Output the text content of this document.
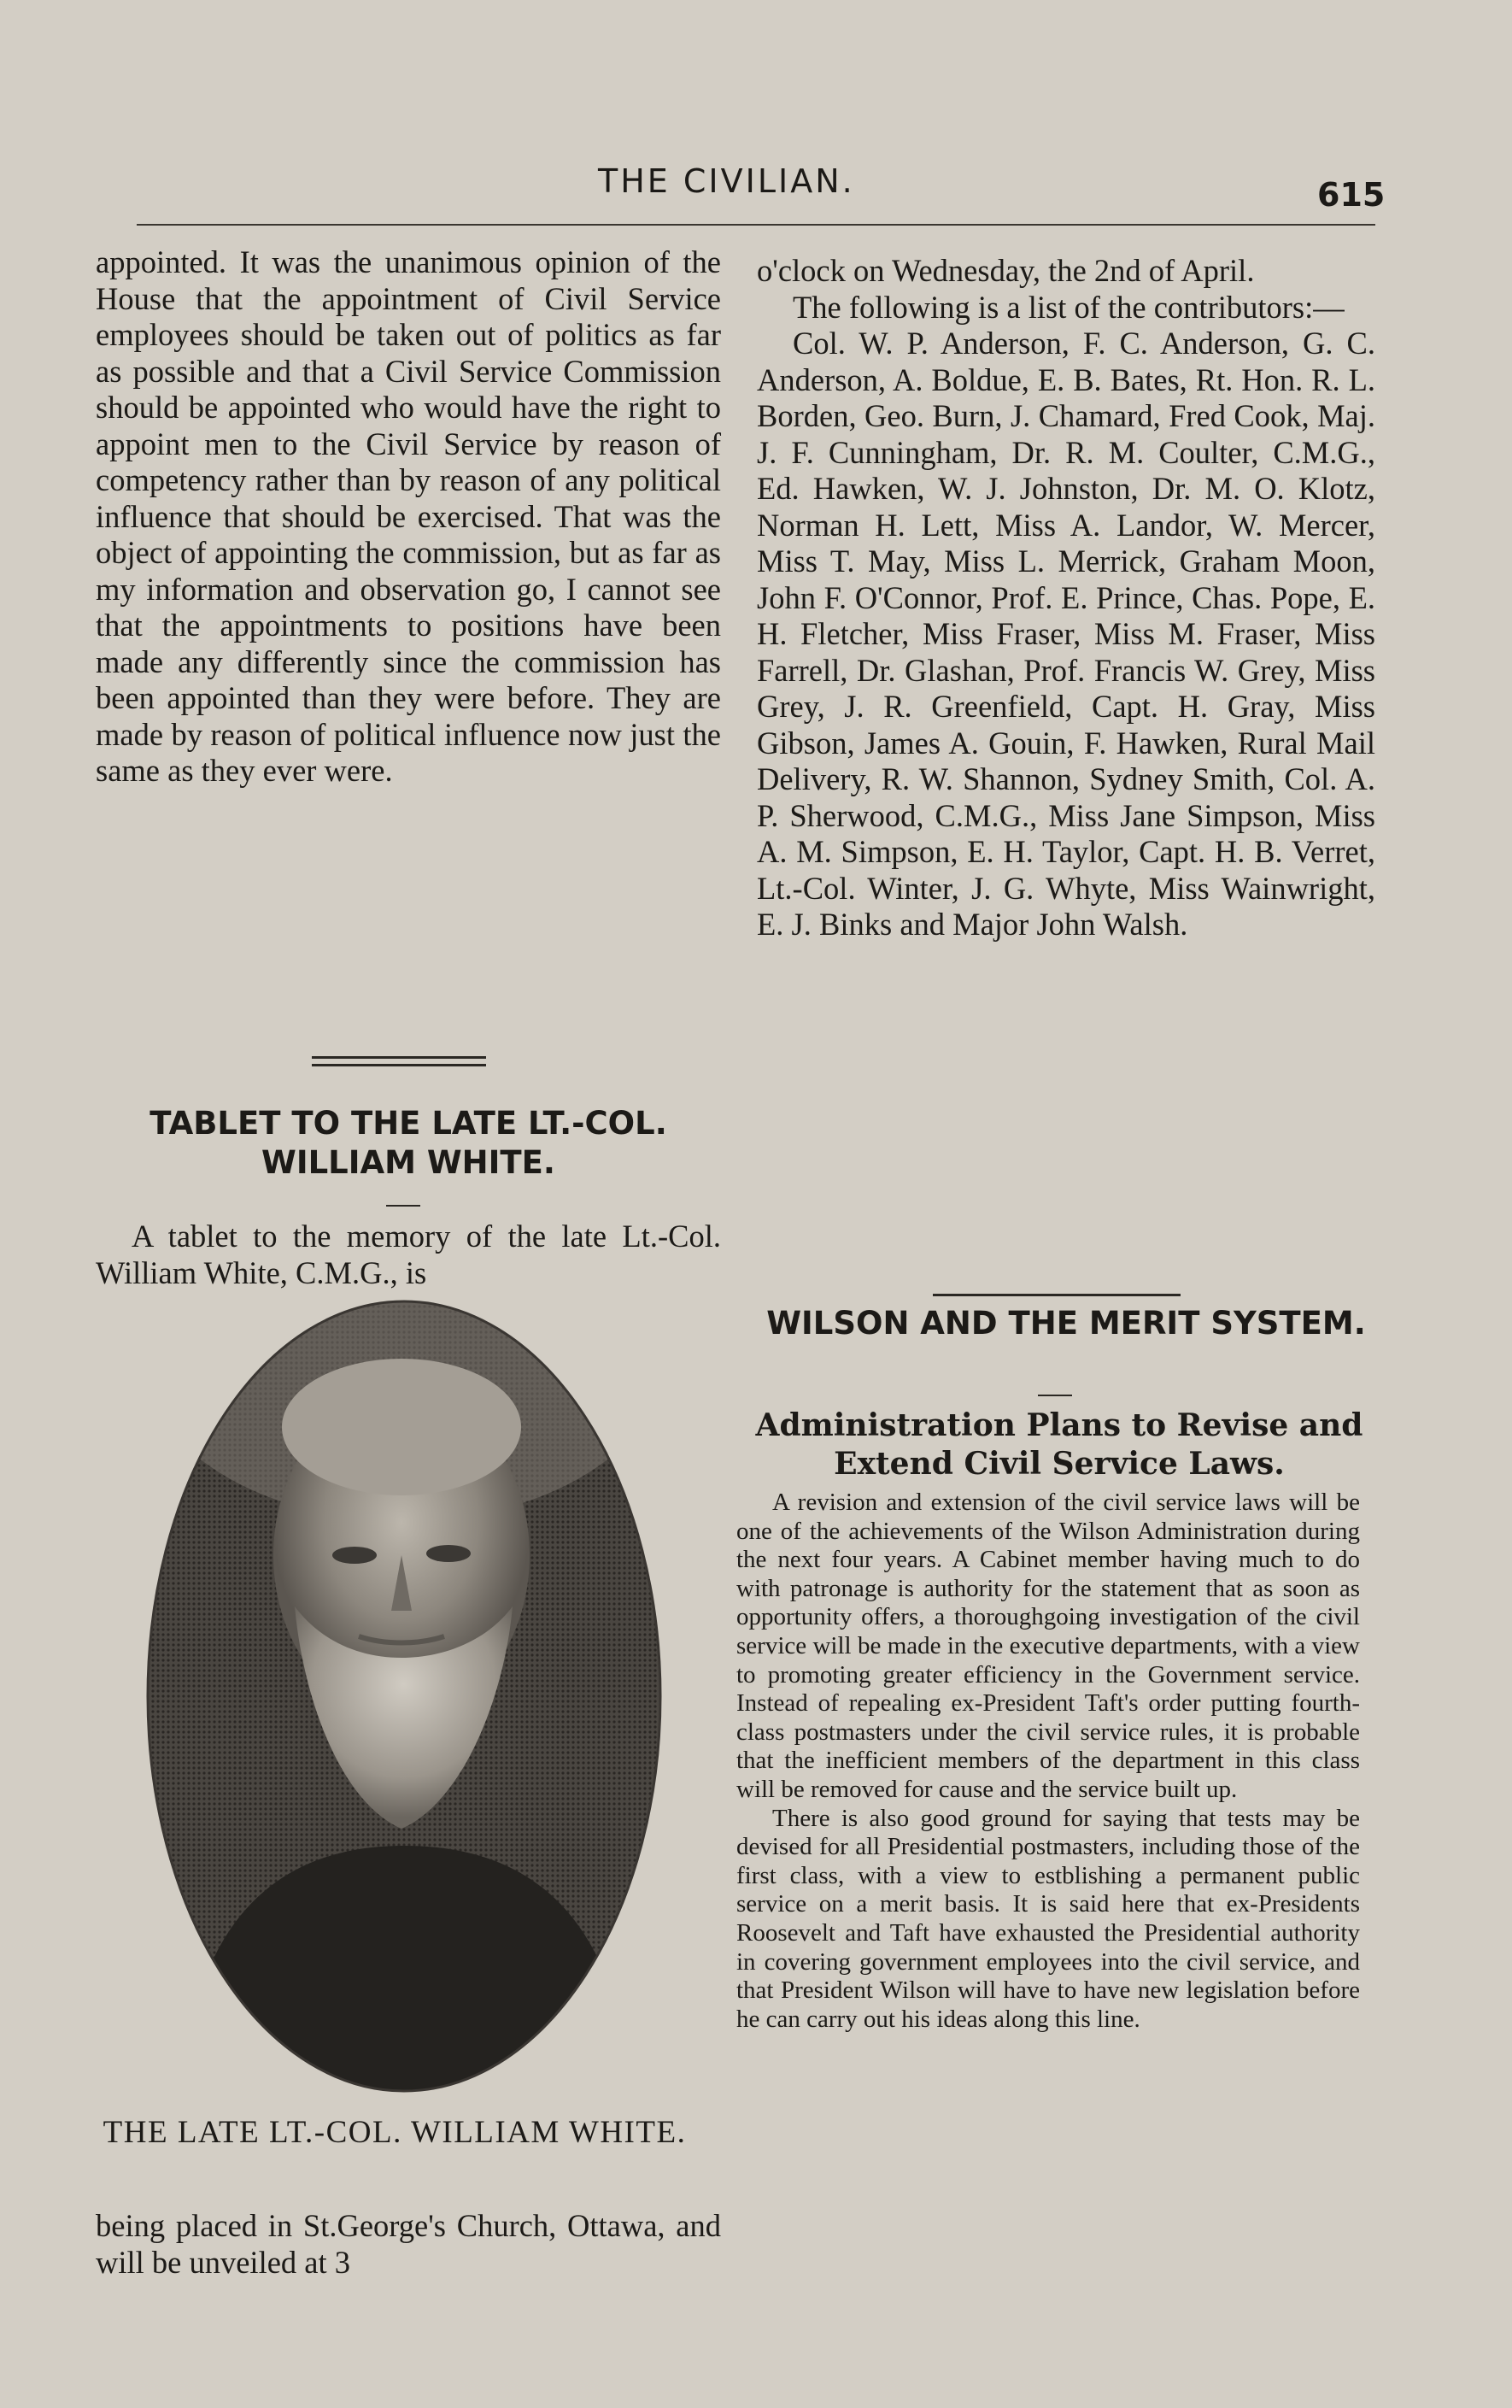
THE CIVILIAN.	615

appointed. It was the unanimous opinion of the House that the appointment of Civil Service employees should be taken out of politics as far as possible and that a Civil Service Commission should be appointed who would have the right to appoint men to the Civil Service by reason of competency rather than by reason of any political influence that should be exercised. That was the object of appointing the commission, but as far as my information and observation go, I cannot see that the appointments to positions have been made any differently since the commission has been appointed than they were before. They are made by reason of political influence now just the same as they ever were.

TABLET TO THE LATE LT.-COL. WILLIAM WHITE.

A tablet to the memory of the late Lt.-Col. William White, C.M.G., is

THE LATE LT.-COL. WILLIAM WHITE.

being placed in St.George's Church, Ottawa, and will be unveiled at 3

o'clock on Wednesday, the 2nd of April.

The following is a list of the contributors:—

Col. W. P. Anderson, F. C. Anderson, G. C. Anderson, A. Boldue, E. B. Bates, Rt. Hon. R. L. Borden, Geo. Burn, J. Chamard, Fred Cook, Maj. J. F. Cunningham, Dr. R. M. Coulter, C.M.G., Ed. Hawken, W. J. Johnston, Dr. M. O. Klotz, Norman H. Lett, Miss A. Landor, W. Mercer, Miss T. May, Miss L. Merrick, Graham Moon, John F. O'Connor, Prof. E. Prince, Chas. Pope, E. H. Fletcher, Miss Fraser, Miss M. Fraser, Miss Farrell, Dr. Glashan, Prof. Francis W. Grey, Miss Grey, J. R. Greenfield, Capt. H. Gray, Miss Gibson, James A. Gouin, F. Hawken, Rural Mail Delivery, R. W. Shannon, Sydney Smith, Col. A. P. Sherwood, C.M.G., Miss Jane Simpson, Miss A. M. Simpson, E. H. Taylor, Capt. H. B. Verret, Lt.-Col. Winter, J. G. Whyte, Miss Wainwright, E. J. Binks and Major John Walsh.

WILSON AND THE MERIT SYSTEM.
Administration Plans to Revise and Extend Civil Service Laws.

A revision and extension of the civil service laws will be one of the achievements of the Wilson Administration during the next four years. A Cabinet member having much to do with patronage is authority for the statement that as soon as opportunity offers, a thoroughgoing investigation of the civil service will be made in the executive departments, with a view to promoting greater efficiency in the Government service. Instead of repealing ex-President Taft's order putting fourth-class postmasters under the civil service rules, it is probable that the inefficient members of the department in this class will be removed for cause and the service built up.

There is also good ground for saying that tests may be devised for all Presidential postmasters, including those of the first class, with a view to estblishing a permanent public service on a merit basis. It is said here that ex-Presidents Roosevelt and Taft have exhausted the Presidential authority in covering government employees into the civil service, and that President Wilson will have to have new legislation before he can carry out his ideas along this line.
